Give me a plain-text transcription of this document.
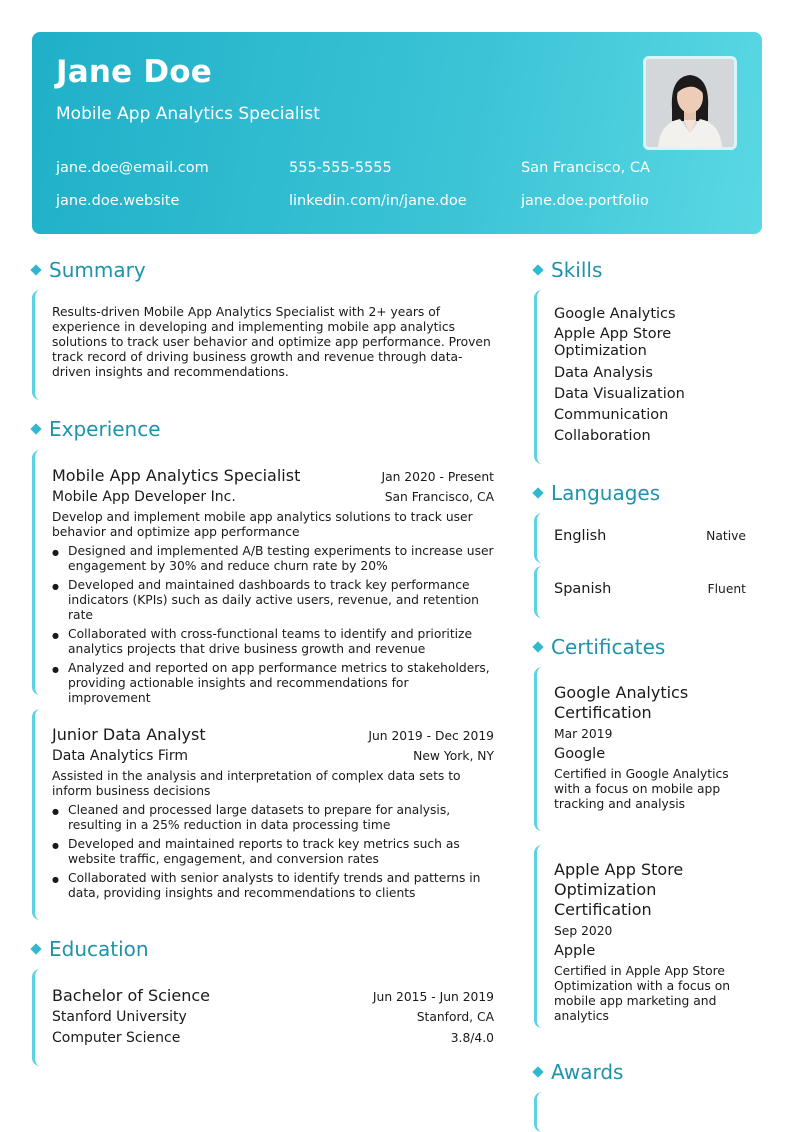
Jane Doe
Mobile App Analytics Specialist
jane.doe@email.com	555-555-5555	San Francisco, CA
jane.doe.website	linkedin.com/in/jane.doe	jane.doe.portfolio
Summary
Results-driven Mobile App Analytics Specialist with 2+ years of experience in developing and implementing mobile app analytics solutions to track user behavior and optimize app performance. Proven track record of driving business growth and revenue through data-driven insights and recommendations.
Experience
Mobile App Analytics Specialist	Jan 2020 - Present
Mobile App Developer Inc.	San Francisco, CA
Develop and implement mobile app analytics solutions to track user behavior and optimize app performance
● Designed and implemented A/B testing experiments to increase user engagement by 30% and reduce churn rate by 20%
● Developed and maintained dashboards to track key performance indicators (KPIs) such as daily active users, revenue, and retention rate
● Collaborated with cross-functional teams to identify and prioritize analytics projects that drive business growth and revenue
● Analyzed and reported on app performance metrics to stakeholders, providing actionable insights and recommendations for improvement
Junior Data Analyst	Jun 2019 - Dec 2019
Data Analytics Firm	New York, NY
Assisted in the analysis and interpretation of complex data sets to inform business decisions
● Cleaned and processed large datasets to prepare for analysis, resulting in a 25% reduction in data processing time
● Developed and maintained reports to track key metrics such as website traffic, engagement, and conversion rates
● Collaborated with senior analysts to identify trends and patterns in data, providing insights and recommendations to clients
Education
Bachelor of Science	Jun 2015 - Jun 2019
Stanford University	Stanford, CA
Computer Science	3.8/4.0
Skills
Google Analytics
Apple App Store Optimization
Data Analysis
Data Visualization
Communication
Collaboration
Languages
English	Native
Spanish	Fluent
Certificates
Google Analytics Certification
Mar 2019
Google
Certified in Google Analytics with a focus on mobile app tracking and analysis
Apple App Store Optimization Certification
Sep 2020
Apple
Certified in Apple App Store Optimization with a focus on mobile app marketing and analytics
Awards
